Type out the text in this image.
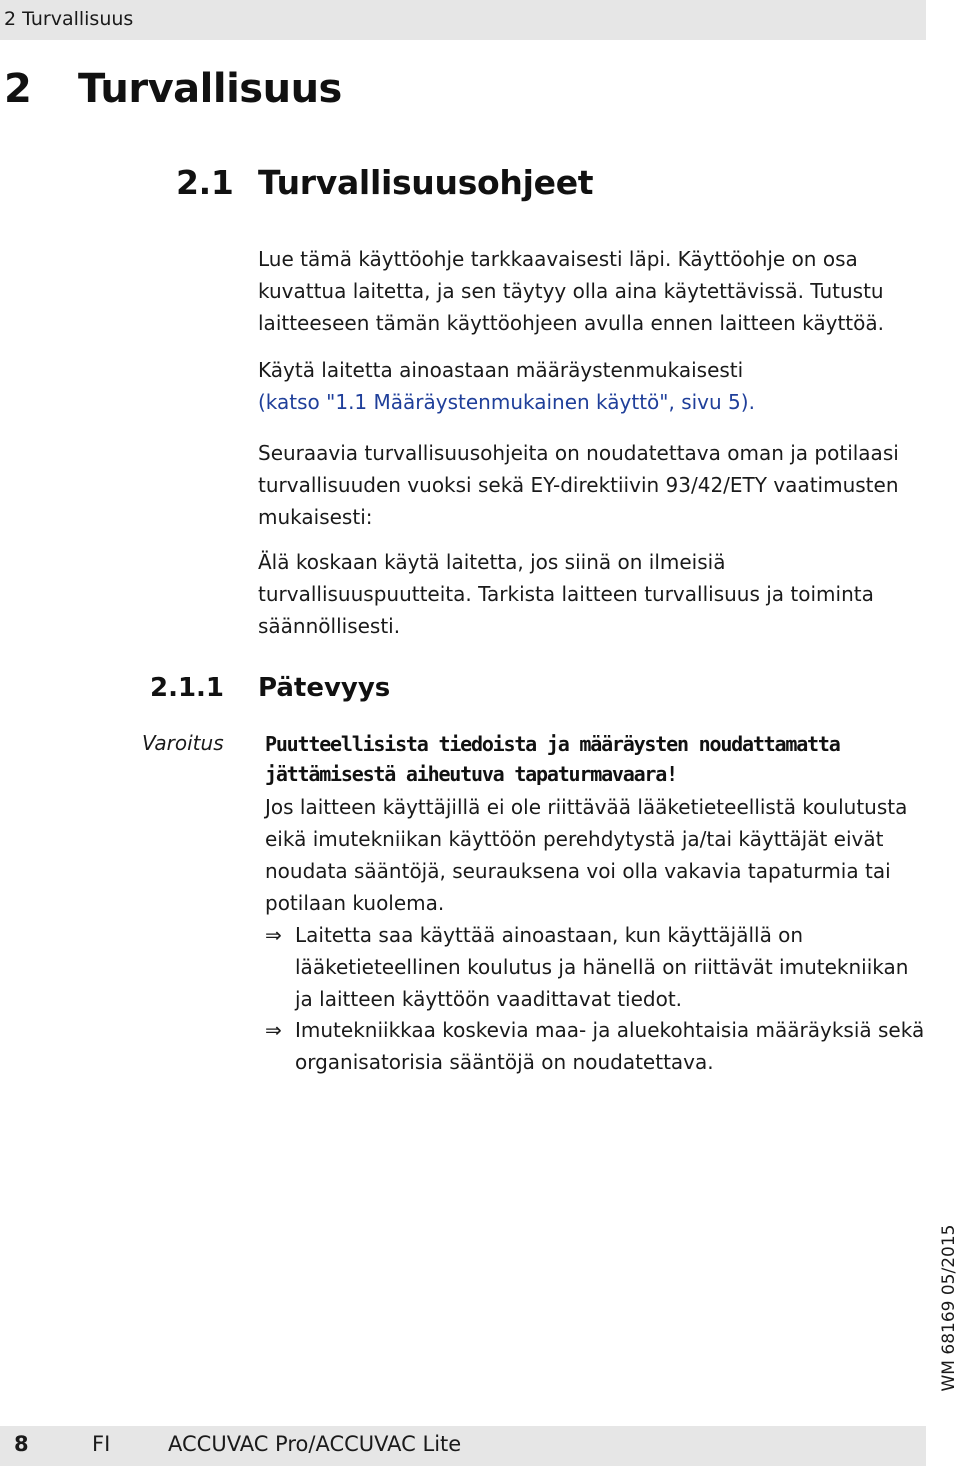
2 Turvallisuus
2 Turvallisuus
2.1 Turvallisuusohjeet

Lue tämä käyttöohje tarkkaavaisesti läpi. Käyttöohje on osa kuvattua laitetta, ja sen täytyy olla aina käytettävissä. Tutustu laitteeseen tämän käyttöohjeen avulla ennen laitteen käyttöä.

Käytä laitetta ainoastaan määräystenmukaisesti
(katso "1.1 Määräystenmukainen käyttö", sivu 5).

Seuraavia turvallisuusohjeita on noudatettava oman ja potilaasi turvallisuuden vuoksi sekä EY-direktiivin 93/42/ETY vaatimusten mukaisesti:

Älä koskaan käytä laitetta, jos siinä on ilmeisiä turvallisuuspuutteita. Tarkista laitteen turvallisuus ja toiminta säännöllisesti.

2.1.1 Pätevyys
Varoitus Puutteellisista tiedoista ja määräysten noudattamatta jättämisestä aiheutuva tapaturmavaara!
Jos laitteen käyttäjillä ei ole riittävää lääketieteellistä koulutusta eikä imutekniikan käyttöön perehdytystä ja/tai käyttäjät eivät noudata sääntöjä, seurauksena voi olla vakavia tapaturmia tai potilaan kuolema.
⇒ Laitetta saa käyttää ainoastaan, kun käyttäjällä on lääketieteellinen koulutus ja hänellä on riittävät imutekniikan ja laitteen käyttöön vaadittavat tiedot.
⇒ Imutekniikkaa koskevia maa- ja aluekohtaisia määräyksiä sekä organisatorisia sääntöjä on noudatettava.
WM 68169 05/2015
8	FI	ACCUVAC Pro/ACCUVAC Lite
